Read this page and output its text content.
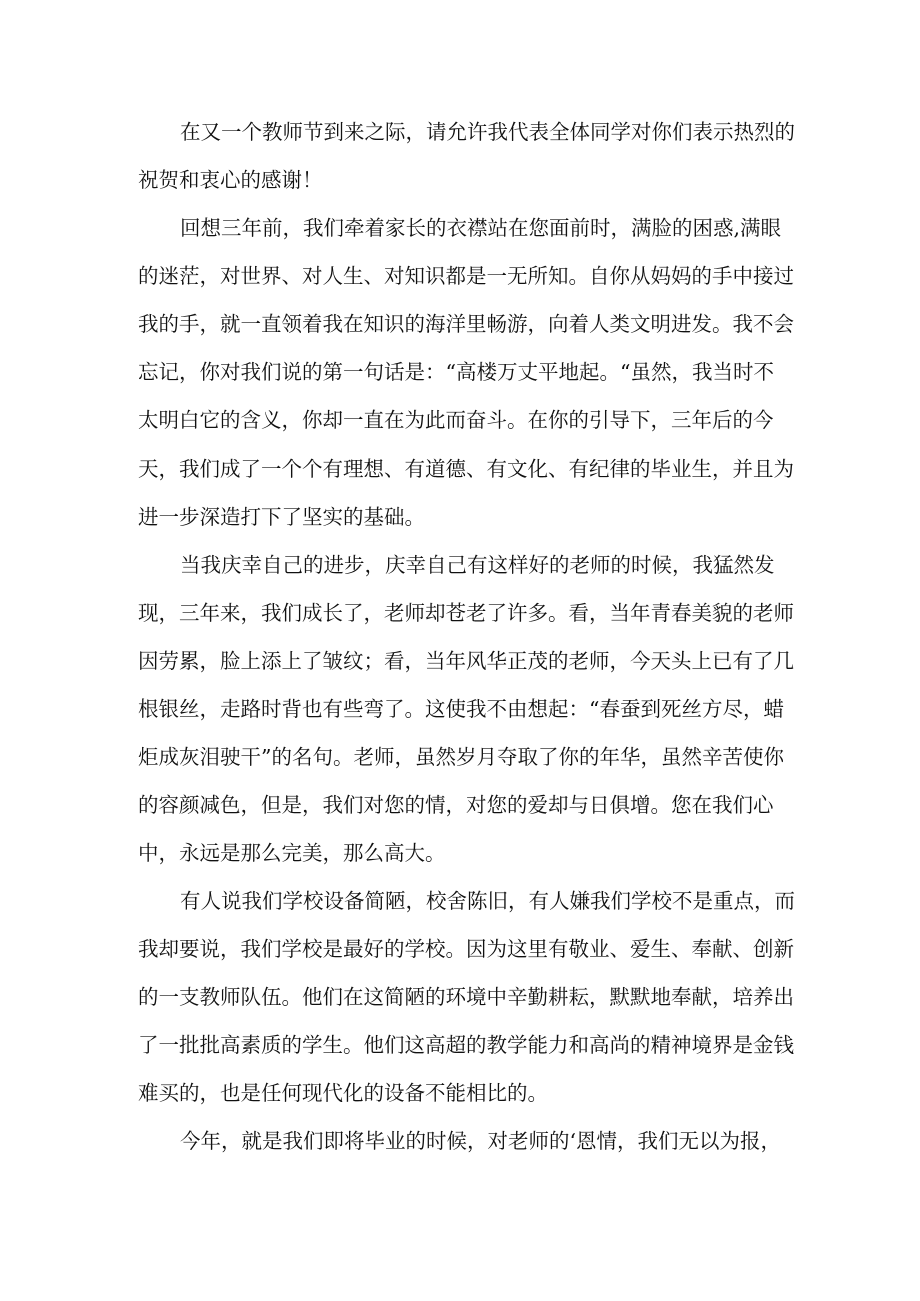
在又一个教师节到来之际，请允许我代表全体同学对你们表示热烈的
祝贺和衷心的感谢！
回想三年前，我们牵着家长的衣襟站在您面前时，满脸的困惑,满眼
的迷茫，对世界、对人生、对知识都是一无所知。自你从妈妈的手中接过
我的手，就一直领着我在知识的海洋里畅游，向着人类文明进发。我不会
忘记，你对我们说的第一句话是：“高楼万丈平地起。“虽然，我当时不
太明白它的含义，你却一直在为此而奋斗。在你的引导下，三年后的今
天，我们成了一个个有理想、有道德、有文化、有纪律的毕业生，并且为
进一步深造打下了坚实的基础。
当我庆幸自己的进步，庆幸自己有这样好的老师的时候，我猛然发
现，三年来，我们成长了，老师却苍老了许多。看，当年青春美貌的老师
因劳累，脸上添上了皱纹；看，当年风华正茂的老师，今天头上已有了几
根银丝，走路时背也有些弯了。这使我不由想起：“春蚕到死丝方尽，蜡
炬成灰泪驶干”的名句。老师，虽然岁月夺取了你的年华，虽然辛苦使你
的容颜减色，但是，我们对您的情，对您的爱却与日俱增。您在我们心
中，永远是那么完美，那么高大。
有人说我们学校设备简陋，校舍陈旧，有人嫌我们学校不是重点，而
我却要说，我们学校是最好的学校。因为这里有敬业、爱生、奉献、创新
的一支教师队伍。他们在这简陋的环境中辛勤耕耘，默默地奉献，培养出
了一批批高素质的学生。他们这高超的教学能力和高尚的精神境界是金钱
难买的，也是任何现代化的设备不能相比的。
今年，就是我们即将毕业的时候，对老师的‘恩情，我们无以为报，
